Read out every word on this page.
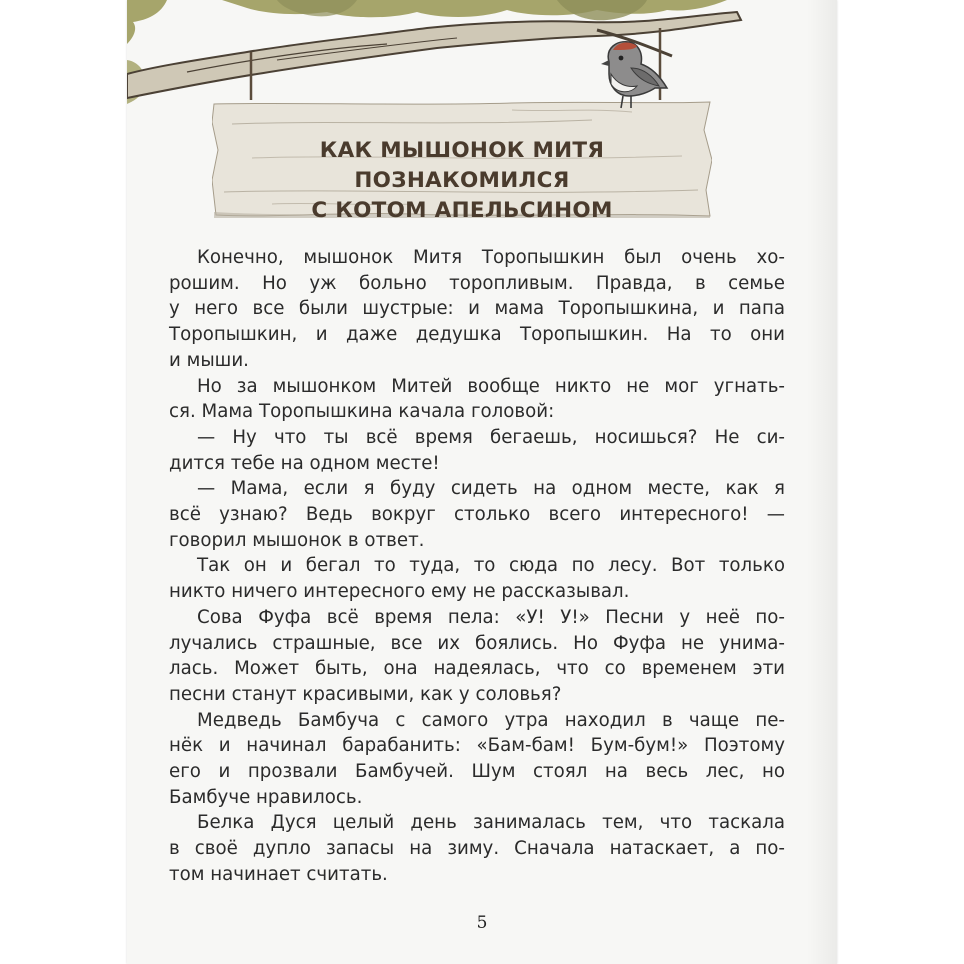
КАК МЫШОНОК МИТЯ ПОЗНАКОМИЛСЯ
С КОТОМ АПЕЛЬСИНОМ

Конечно, мышонок Митя Торопышкин был очень хо-
рошим. Но уж больно торопливым. Правда, в семье
у него все были шустрые: и мама Торопышкина, и папа
Торопышкин, и даже дедушка Торопышкин. На то они
и мыши.

Но за мышонком Митей вообще никто не мог угнать-
ся. Мама Торопышкина качала головой:

— Ну что ты всё время бегаешь, носишься? Не си-
дится тебе на одном месте!

— Мама, если я буду сидеть на одном месте, как я
всё узнаю? Ведь вокруг столько всего интересного! —
говорил мышонок в ответ.

Так он и бегал то туда, то сюда по лесу. Вот только
никто ничего интересного ему не рассказывал.

Сова Фуфа всё время пела: «У! У!» Песни у неё по-
лучались страшные, все их боялись. Но Фуфа не унима-
лась. Может быть, она надеялась, что со временем эти
песни станут красивыми, как у соловья?

Медведь Бамбуча с самого утра находил в чаще пе-
нёк и начинал барабанить: «Бам-бам! Бум-бум!» Поэтому
его и прозвали Бамбучей. Шум стоял на весь лес, но
Бамбуче нравилось.

Белка Дуся целый день занималась тем, что таскала
в своё дупло запасы на зиму. Сначала натаскает, а по-
том начинает считать.

5
